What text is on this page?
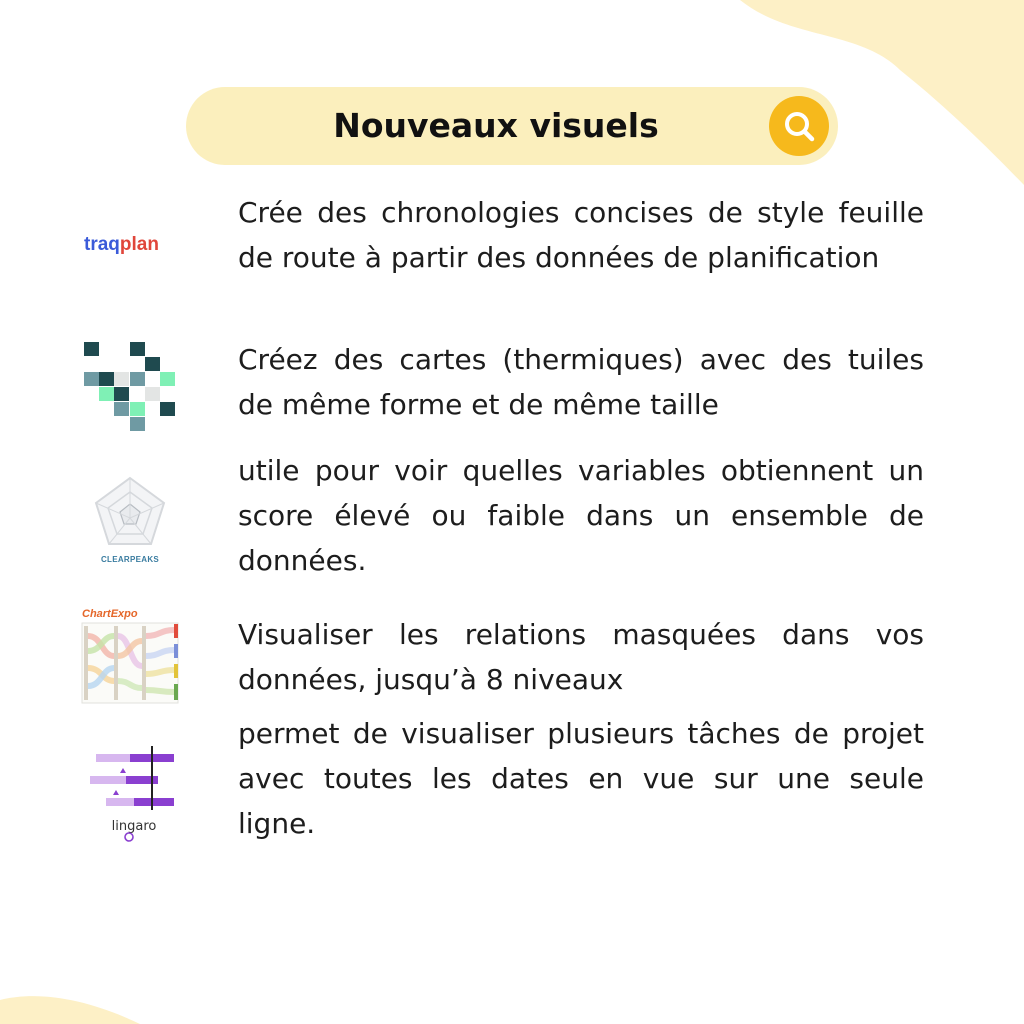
Nouveaux visuels
traqplan

Crée des chronologies concises de style feuille de route à partir des données de planification

Créez des cartes (thermiques) avec des tuiles de même forme et de même taille

CLEARPEAKS

utile pour voir quelles variables obtiennent un score élevé ou faible dans un ensemble de données.

ChartExpo

Visualiser les relations masquées dans vos données, jusqu’à 8 niveaux

lingaro

permet de visualiser plusieurs tâches de projet avec toutes les dates en vue sur une seule ligne.
